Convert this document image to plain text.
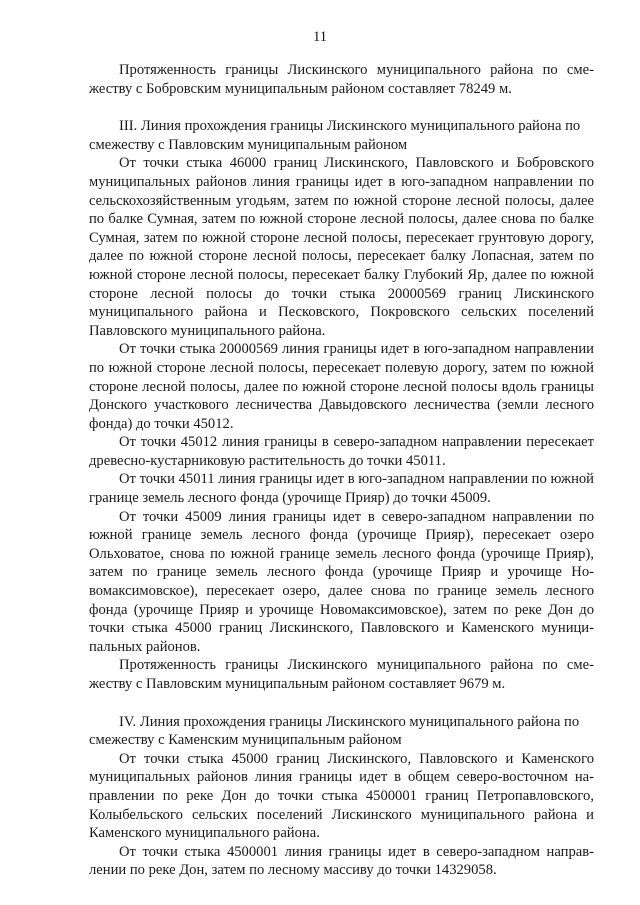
11

Протяженность границы Лискинского муниципального района по смежеству с Бобровским муниципальным районом составляет 78249 м.

III. Линия прохождения границы Лискинского муниципального района по смежеству с Павловским муниципальным районом

От точки стыка 46000 границ Лискинского, Павловского и Бобровского муниципальных районов линия границы идет в юго-западном направлении по сельскохозяйственным угодьям, затем по южной стороне лесной полосы, далее по балке Сумная, затем по южной стороне лесной полосы, далее снова по балке Сумная, затем по южной стороне лесной полосы, пересекает грунтовую дорогу, далее по южной стороне лесной полосы, пересекает балку Лопасная, затем по южной стороне лесной полосы, пересекает балку Глубокий Яр, далее по южной стороне лесной полосы до точки стыка 20000569 границ Лискинского муниципального района и Песковского, Покровского сельских поселений Павловского муниципального района.

От точки стыка 20000569 линия границы идет в юго-западном направлении по южной стороне лесной полосы, пересекает полевую дорогу, затем по южной стороне лесной полосы, далее по южной стороне лесной полосы вдоль границы Донского участкового лесничества Давыдовского лесничества (земли лесного фонда) до точки 45012.

От точки 45012 линия границы в северо-западном направлении пересекает древесно-кустарниковую растительность до точки 45011.

От точки 45011 линия границы идет в юго-западном направлении по южной границе земель лесного фонда (урочище Прияр) до точки 45009.

От точки 45009 линия границы идет в северо-западном направлении по южной границе земель лесного фонда (урочище Прияр), пересекает озеро Ольховатое, снова по южной границе земель лесного фонда (урочище Прияр), затем по границе земель лесного фонда (урочище Прияр и урочище Новомаксимовское), пересекает озеро, далее снова по границе земель лесного фонда (урочище Прияр и урочище Новомаксимовское), затем по реке Дон до точки стыка 45000 границ Лискинского, Павловского и Каменского муниципальных районов.

Протяженность границы Лискинского муниципального района по смежеству с Павловским муниципальным районом составляет 9679 м.

IV. Линия прохождения границы Лискинского муниципального района по смежеству с Каменским муниципальным районом

От точки стыка 45000 границ Лискинского, Павловского и Каменского муниципальных районов линия границы идет в общем северо-восточном направлении по реке Дон до точки стыка 4500001 границ Петропавловского, Колыбельского сельских поселений Лискинского муниципального района и Каменского муниципального района.

От точки стыка 4500001 линия границы идет в северо-западном направлении по реке Дон, затем по лесному массиву до точки 14329058.
